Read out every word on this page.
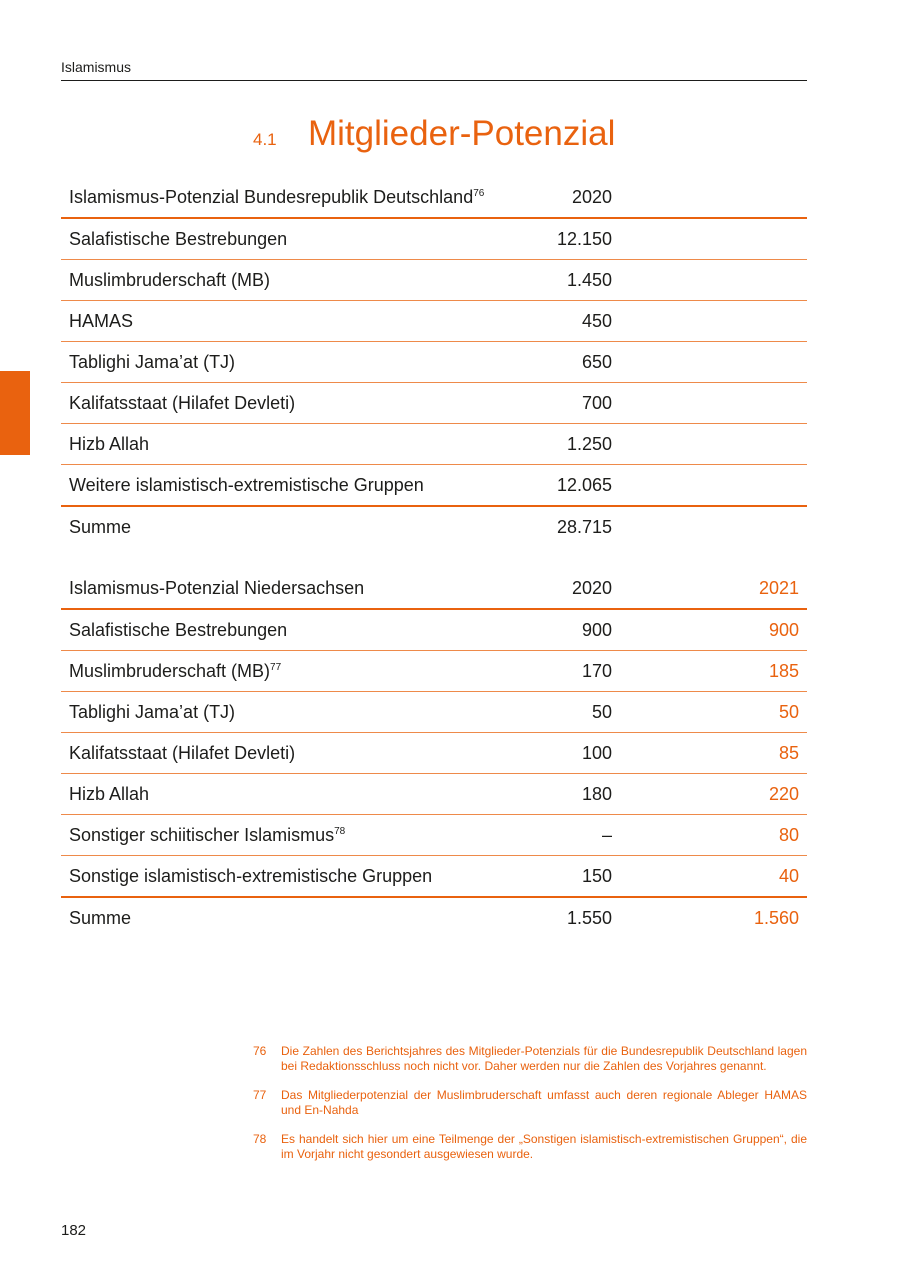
Islamismus
4.1 Mitglieder-Potenzial
Islamismus-Potenzial Bundesrepublik Deutschland$^{76}$	2020	
Salafistische Bestrebungen	12.150	
Muslimbruderschaft (MB)	1.450	
HAMAS	450	
Tablighi Jama’at (TJ)	650	
Kalifatsstaat (Hilafet Devleti)	700	
Hizb Allah	1.250	
Weitere islamistisch-extremistische Gruppen	12.065	
Summe	28.715	
Islamismus-Potenzial Niedersachsen	2020	2021
Salafistische Bestrebungen	900	900
Muslimbruderschaft (MB)$^{77}$	170	185
Tablighi Jama’at (TJ)	50	50
Kalifatsstaat (Hilafet Devleti)	100	85
Hizb Allah	180	220
Sonstiger schiitischer Islamismus$^{78}$	–	80
Sonstige islamistisch-extremistische Gruppen	150	40
Summe	1.550	1.560
76	Die Zahlen des Berichtsjahres des Mitglieder-Potenzials für die Bundesrepublik Deutschland lagen bei Redaktionsschluss noch nicht vor. Daher werden nur die Zahlen des Vorjahres genannt.
77	Das Mitgliederpotenzial der Muslimbruderschaft umfasst auch deren regionale Ableger HAMAS und En-Nahda
78	Es handelt sich hier um eine Teilmenge der „Sonstigen islamistisch-extremistischen Gruppen“, die im Vorjahr nicht gesondert ausgewiesen wurde.
182
